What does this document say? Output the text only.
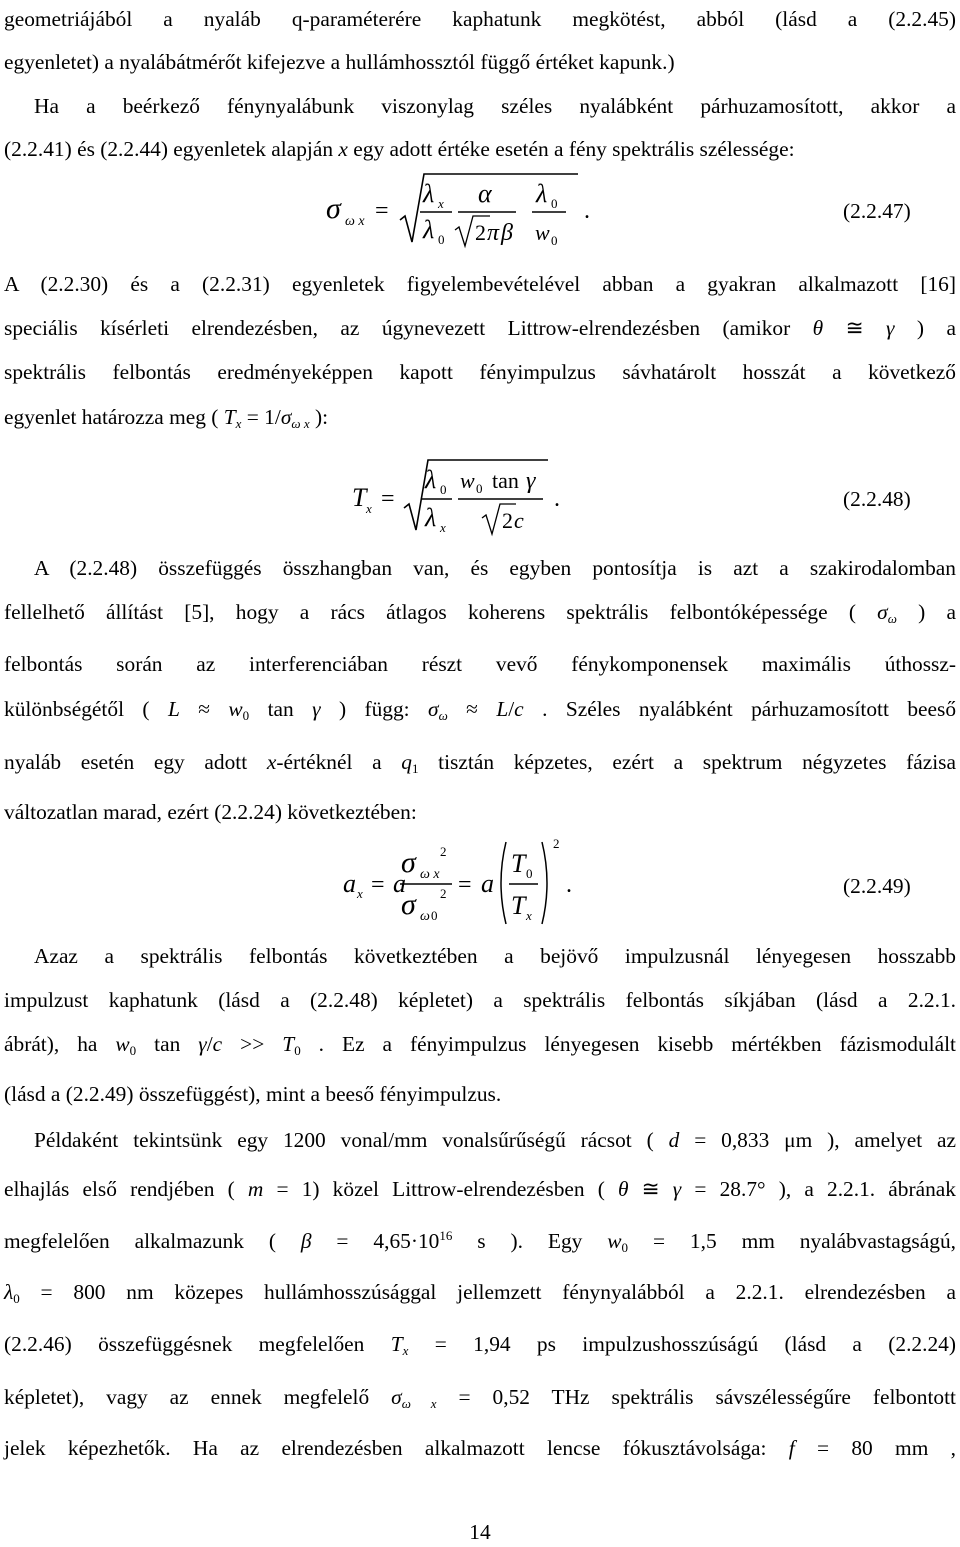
geometriájából a nyaláb q-paraméterére kaphatunk megkötést, abból (lásd a (2.2.45)
egyenletet) a nyalábátmérőt kifejezve a hullámhossztól függő értéket kapunk.)
Ha a beérkező fénynyalábunk viszonylag széles nyalábként párhuzamosított, akkor a
(2.2.41) és (2.2.44) egyenletek alapján x egy adott értéke esetén a fény spektrális szélessége:
σ ω x =
λ x
λ 0
α
2 π β
λ 0
w 0
.	(2.2.47)
A (2.2.30) és a (2.2.31) egyenletek figyelembevételével abban a gyakran alkalmazott [16]
speciális kísérleti elrendezésben, az úgynevezett Littrow-elrendezésben (amikor θ ≅ γ ) a
spektrális felbontás eredményeképpen kapott fényimpulzus sávhatárolt hosszát a következő
egyenlet határozza meg ( $T_x = 1/\sigma_{\omega x}$ ):
T x =
λ 0
λ x
w 0 tan γ
2 c
.	(2.2.48)
A (2.2.48) összefüggés összhangban van, és egyben pontosítja is azt a szakirodalomban
fellelhető állítást [5], hogy a rács átlagos koherens spektrális felbontóképessége ( $\sigma_\omega$ ) a
felbontás során az interferenciában részt vevő fénykomponensek maximális úthossz-
különbségétől ( $L \approx w_0$ tan γ ) függ: $\sigma_\omega \approx L/c$ . Széles nyalábként párhuzamosított beeső
nyaláb esetén egy adott x-értéknél a $q_1$ tisztán képzetes, ezért a spektrum négyzetes fázisa
változatlan marad, ezért (2.2.24) következtében:
a x = a
σ ω x
2
σ ω 0
2 = a
T 0
T x
2
.	(2.2.49)
Azaz a spektrális felbontás következtében a bejövő impulzusnál lényegesen hosszabb
impulzust kaphatunk (lásd a (2.2.48) képletet) a spektrális felbontás síkjában (lásd a 2.2.1.
ábrát), ha $w_0$ $\tan \gamma/c >> T_0$ . Ez a fényimpulzus lényegesen kisebb mértékben fázismodulált
(lásd a (2.2.49) összefüggést), mint a beeső fényimpulzus.
Példaként tekintsünk egy 1200 vonal/mm vonalsűrűségű rácsot ( d = 0,833 μm ), amelyet az
elhajlás első rendjében ( m = 1) közel Littrow-elrendezésben ( θ ≅ γ = 28.7° ), a 2.2.1. ábrának
megfelelően alkalmazunk ( $\beta = 4,65\cdot 10^{16}$ s ). Egy $w_0 = 1,5$ mm nyalábvastagságú,
$\lambda_0 = 800$ nm közepes hullámhosszúsággal jellemzett fénynyalábból a 2.2.1. elrendezésben a
(2.2.46) összefüggésnek megfelelően $T_x = 1,94$ ps impulzushosszúságú (lásd a (2.2.24)
képletet), vagy az ennek megfelelő $\sigma_{\omega x} = 0,52$ THz spektrális sávszélességűre felbontott
jelek képezhetők. Ha az elrendezésben alkalmazott lencse fókusztávolsága: f = 80 mm ,
14
